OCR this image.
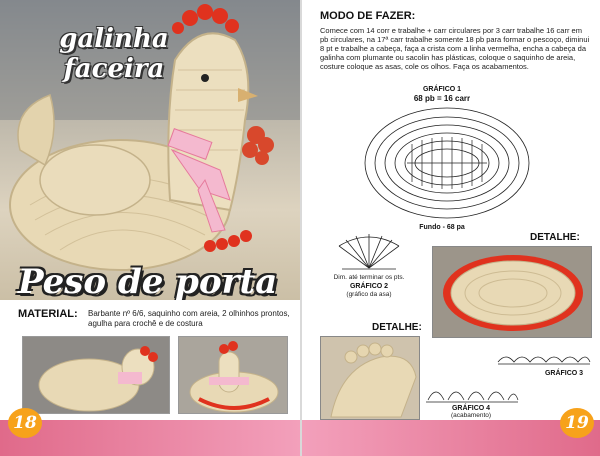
galinha
faceira
Peso de porta
MATERIAL: Barbante nº 6/6, saquinho com areia, 2 olhinhos prontos, agulha para crochê e de costura
18
MODO DE FAZER:
Comece com 14 corr e trabalhe + carr circulares por 3 carr trabalhe 16 carr em pb circulares, na 17ª carr trabalhe somente 18 pb para formar o pescoço, diminui 8 pt e trabalhe a cabeça, faça a crista com a linha vermelha, encha a cabeça da galinha com plumante ou sacolin has plásticas, coloque o saquinho de areia, costure coloque as asas, cole os olhos. Faça os acabamentos.
GRÁFICO 1
68 pb = 16 carr
Fundo - 68 pa
Dim. até terminar os pts.
GRÁFICO 2
(gráfico da asa)
DETALHE:
DETALHE:
GRÁFICO 3
GRÁFICO 4
(acabamento)	19
